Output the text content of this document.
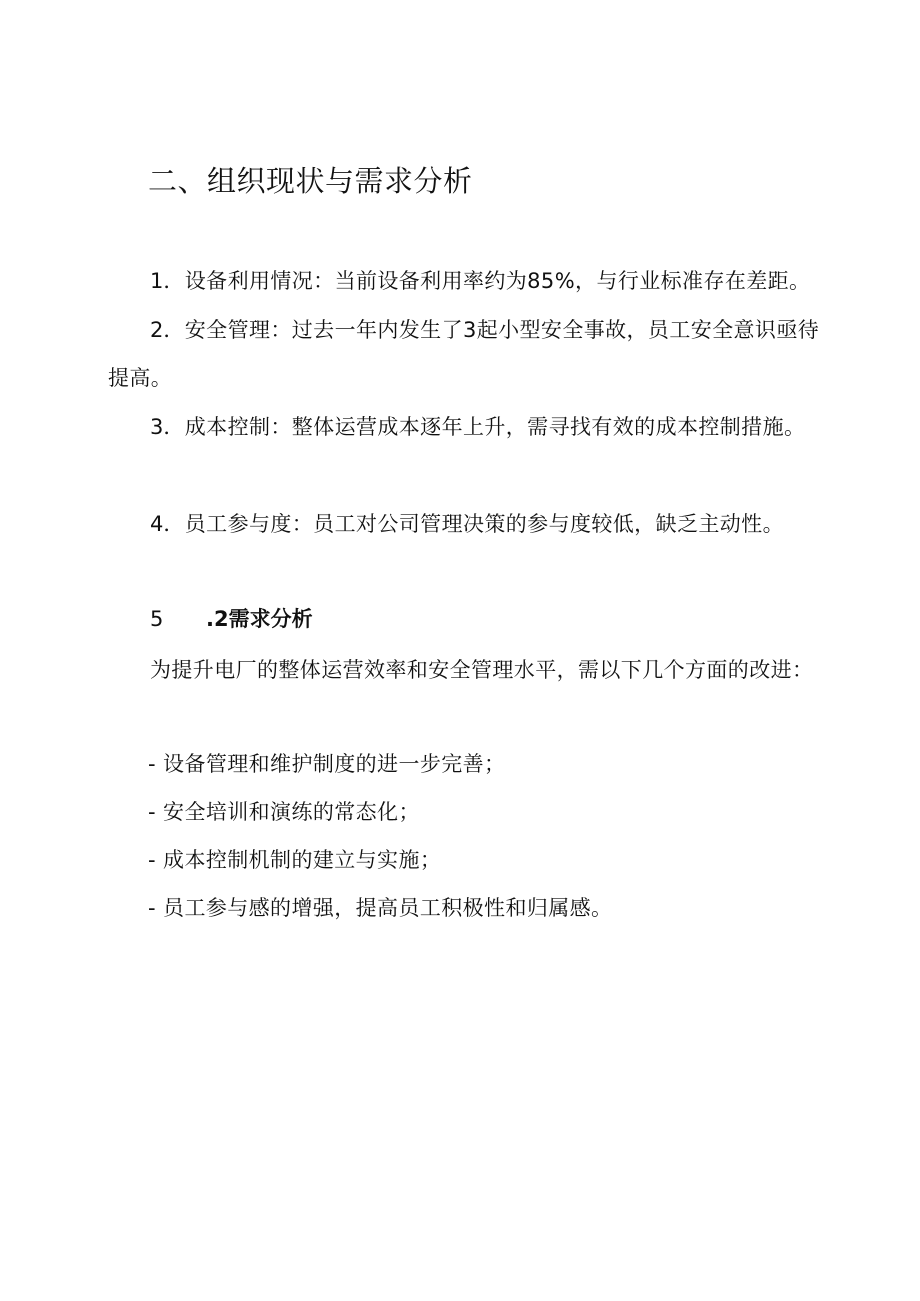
二、组织现状与需求分析

1．设备利用情况：当前设备利用率约为85%，与行业标准存在差距。

2．安全管理：过去一年内发生了3起小型安全事故，员工安全意识亟待提高。

3．成本控制：整体运营成本逐年上升，需寻找有效的成本控制措施。

4．员工参与度：员工对公司管理决策的参与度较低，缺乏主动性。

5 .2需求分析

为提升电厂的整体运营效率和安全管理水平，需以下几个方面的改进：

- 设备管理和维护制度的进一步完善；
- 安全培训和演练的常态化；
- 成本控制机制的建立与实施；
- 员工参与感的增强，提高员工积极性和归属感。
